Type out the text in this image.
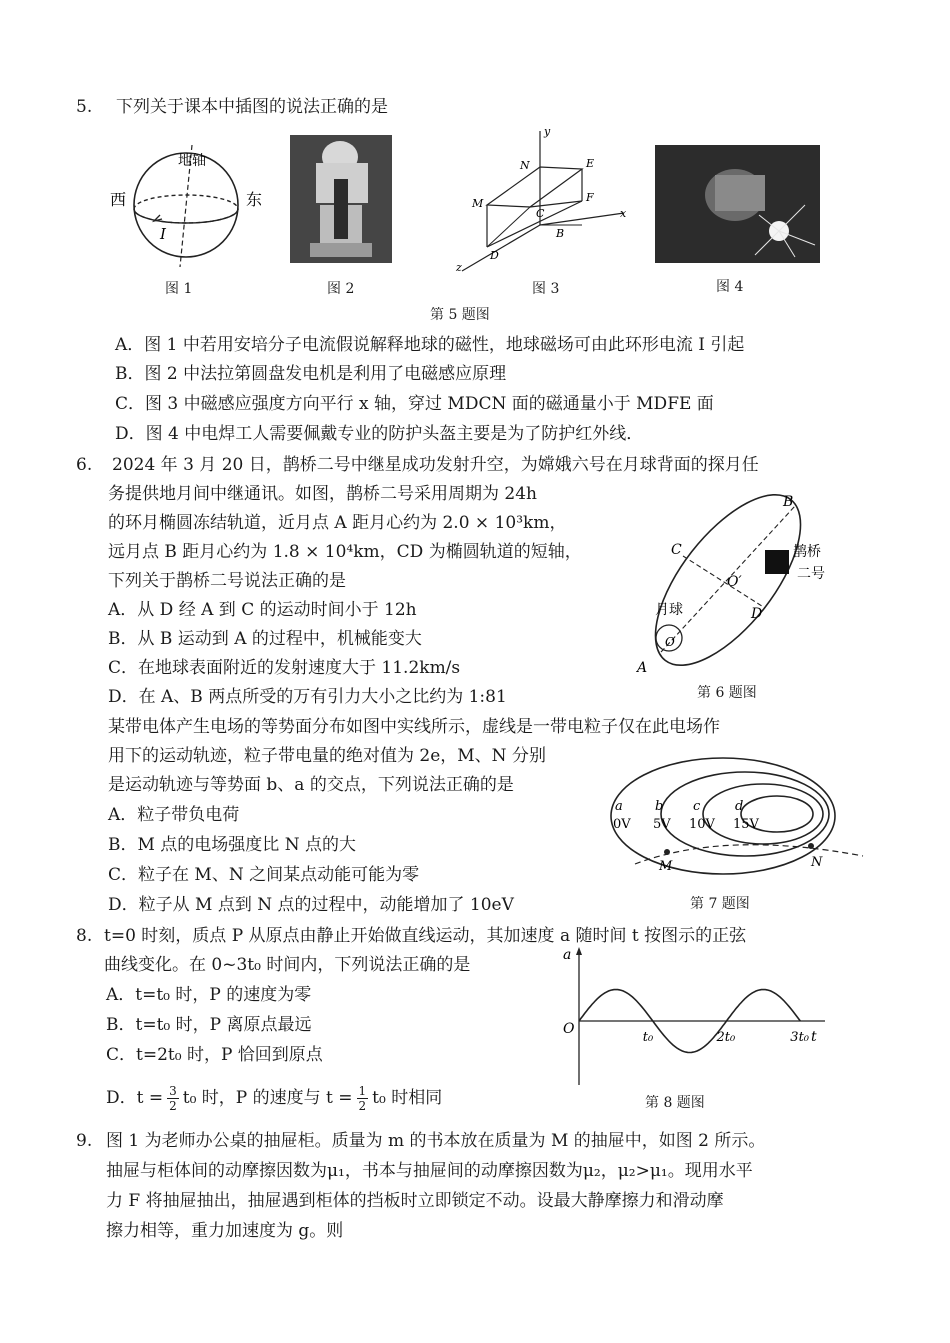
5. 下列关于课本中插图的说法正确的是
西	东
地轴
I
图 1	图 2
y
N	E
M	F
C	x
B
D
z
图 3	图 4
第 5 题图
A．图 1 中若用安培分子电流假说解释地球的磁性，地球磁场可由此环形电流 I 引起
B．图 2 中法拉第圆盘发电机是利用了电磁感应原理
C．图 3 中磁感应强度方向平行 x 轴，穿过 MDCN 面的磁通量小于 MDFE 面
D．图 4 中电焊工人需要佩戴专业的防护头盔主要是为了防护红外线．
6. 2024 年 3 月 20 日，鹊桥二号中继星成功发射升空，为嫦娥六号在月球背面的探月任
务提供地月间中继通讯。如图，鹊桥二号采用周期为 24h
的环月椭圆冻结轨道，近月点 A 距月心约为 2.0 × 10³km，
远月点 B 距月心约为 1.8 × 10⁴km，CD 为椭圆轨道的短轴，
下列关于鹊桥二号说法正确的是
A．从 D 经 A 到 C 的运动时间小于 12h
B．从 B 运动到 A 的过程中，机械能变大
C．在地球表面附近的发射速度大于 11.2km/s
D．在 A、B 两点所受的万有引力大小之比约为 1:81
B
C
O′
D
月球
O
A
鹊桥
二号
第 6 题图
某带电体产生电场的等势面分布如图中实线所示，虚线是一带电粒子仅在此电场作
用下的运动轨迹，粒子带电量的绝对值为 2e，M、N 分别
是运动轨迹与等势面 b、a 的交点，下列说法正确的是
A．粒子带负电荷
B．M 点的电场强度比 N 点的大
C．粒子在 M、N 之间某点动能可能为零
D．粒子从 M 点到 N 点的过程中，动能增加了 10eV
a
0V
b
5V
c
10V
d
15V
M	N
第 7 题图
8. t=0 时刻，质点 P 从原点由静止开始做直线运动，其加速度 a 随时间 t 按图示的正弦
曲线变化。在 0~3t₀ 时间内，下列说法正确的是
A．t=t₀ 时，P 的速度为零
B．t=t₀ 时，P 离原点最远
C．t=2t₀ 时，P 恰回到原点
D．$t = \frac{3}{2} t_0$ 时，P 的速度与 $t = \frac{1}{2} t_0$ 时相同
a
t
O
t₀	2t₀	3t₀
第 8 题图
9. 图 1 为老师办公桌的抽屉柜。质量为 m 的书本放在质量为 M 的抽屉中，如图 2 所示。
抽屉与柜体间的动摩擦因数为μ₁，书本与抽屉间的动摩擦因数为μ₂，μ₂>μ₁。现用水平
力 F 将抽屉抽出，抽屉遇到柜体的挡板时立即锁定不动。设最大静摩擦力和滑动摩
擦力相等，重力加速度为 g。则
